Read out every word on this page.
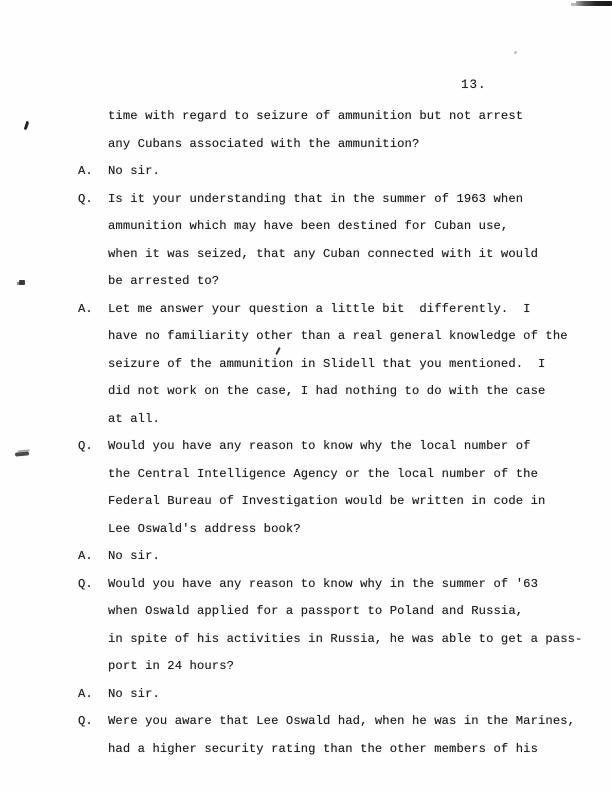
13.
time with regard to seizure of ammunition but not arrest
any Cubans associated with the ammunition?
A. No sir.
Q. Is it your understanding that in the summer of 1963 when
ammunition which may have been destined for Cuban use,
when it was seized, that any Cuban connected with it would
be arrested to?
A. Let me answer your question a little bit  differently.  I
have no familiarity other than a real general knowledge of the
seizure of the ammunition in Slidell that you mentioned.  I
did not work on the case, I had nothing to do with the case
at all.
Q. Would you have any reason to know why the local number of
the Central Intelligence Agency or the local number of the
Federal Bureau of Investigation would be written in code in
Lee Oswald's address book?
A. No sir.
Q. Would you have any reason to know why in the summer of '63
when Oswald applied for a passport to Poland and Russia,
in spite of his activities in Russia, he was able to get a pass-
port in 24 hours?
A. No sir.
Q. Were you aware that Lee Oswald had, when he was in the Marines,
had a higher security rating than the other members of his
